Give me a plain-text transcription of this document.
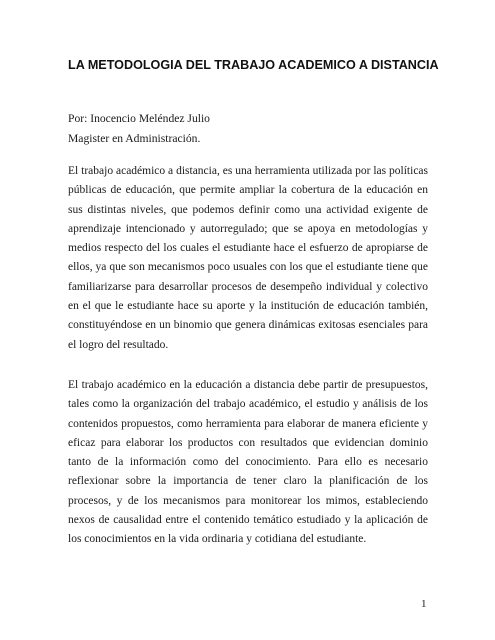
LA METODOLOGIA DEL TRABAJO ACADEMICO A DISTANCIA
Por: Inocencio Meléndez Julio
Magister en Administración.

El trabajo académico a distancia, es una herramienta utilizada por las políticas públicas de educación, que permite ampliar la cobertura de la educación en sus distintas niveles, que podemos definir como una actividad exigente de aprendizaje intencionado y autorregulado; que se apoya en metodologías y medios respecto del los cuales el estudiante hace el esfuerzo de apropiarse de ellos, ya que son mecanismos poco usuales con los que el estudiante tiene que familiarizarse para desarrollar procesos de desempeño individual y colectivo en el que le estudiante hace su aporte y la institución de educación también, constituyéndose en un binomio que genera dinámicas exitosas esenciales para el logro del resultado.

El trabajo académico en la educación a distancia debe partir de presupuestos, tales como la organización del trabajo académico, el estudio y análisis de los contenidos propuestos, como herramienta para elaborar de manera eficiente y eficaz para elaborar los productos con resultados que evidencian dominio tanto de la información como del conocimiento. Para ello es necesario reflexionar sobre la importancia de tener claro la planificación de los procesos, y de los mecanismos para monitorear los mimos, estableciendo nexos de causalidad entre el contenido temático estudiado y la aplicación de los conocimientos en la vida ordinaria y cotidiana del estudiante.

1
